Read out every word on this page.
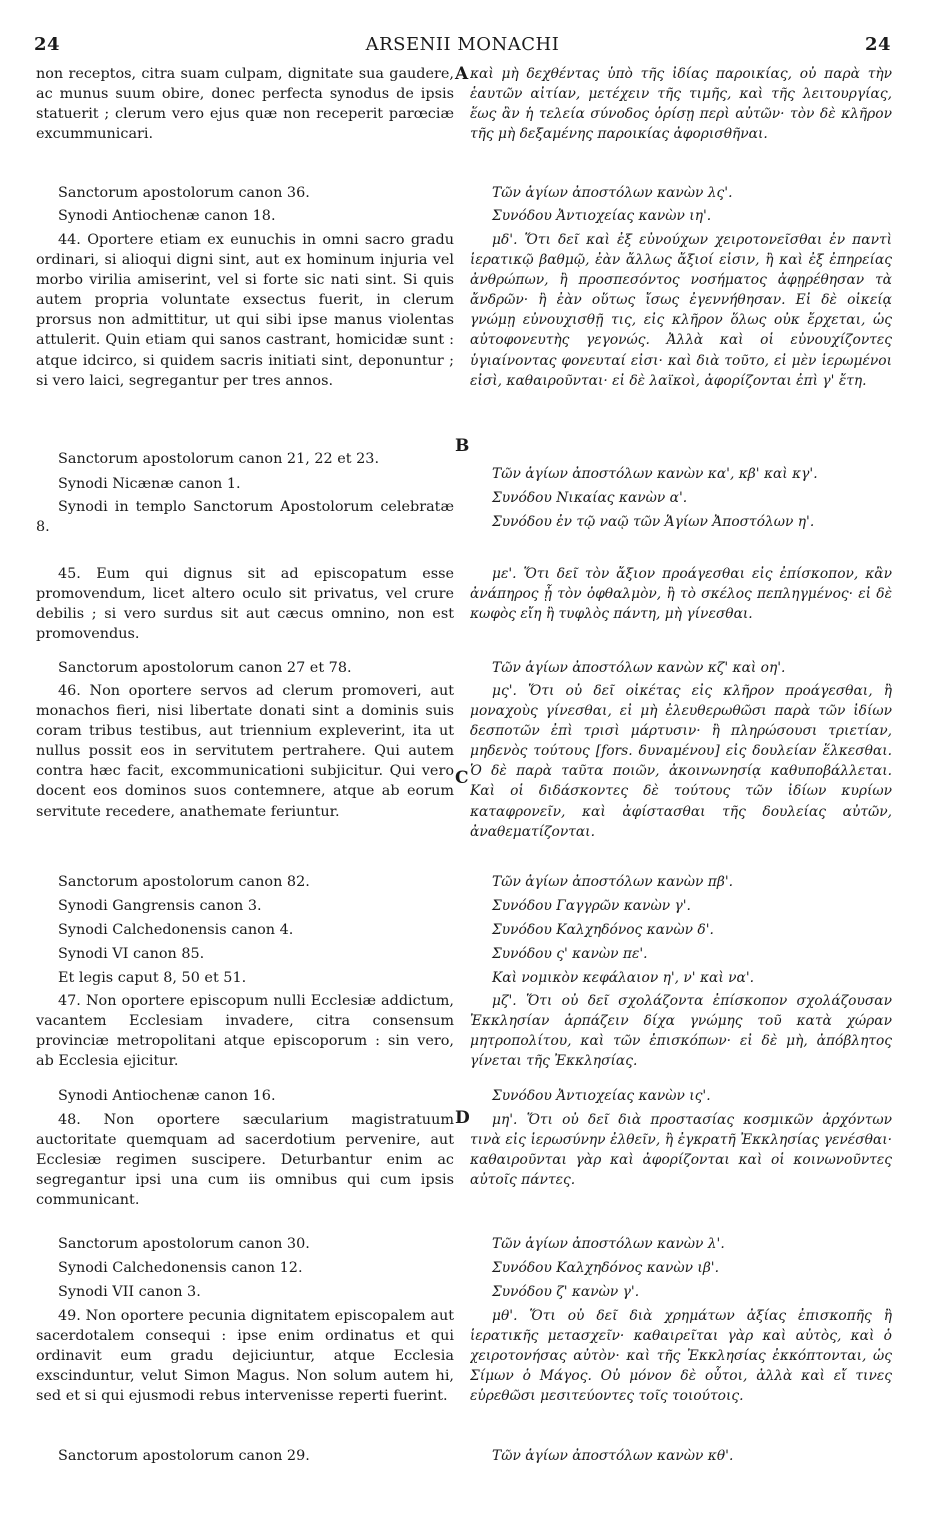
24	ARSENII MONACHI	24
A
B
C
D

non receptos, citra suam culpam, dignitate sua gaudere, ac munus suum obire, donec perfecta synodus de ipsis statuerit ; clerum vero ejus quæ non receperit parœciæ excummunicari.

Sanctorum apostolorum canon 36.

Synodi Antiochenæ canon 18.

44. Oportere etiam ex eunuchis in omni sacro gradu ordinari, si alioqui digni sint, aut ex hominum injuria vel morbo virilia amiserint, vel si forte sic nati sint. Si quis autem propria voluntate exsectus fuerit, in clerum prorsus non admittitur, ut qui sibi ipse manus violentas attulerit. Quin etiam qui sanos castrant, homicidæ sunt : atque idcirco, si quidem sacris initiati sint, deponuntur ; si vero laici, segregantur per tres annos.

Sanctorum apostolorum canon 21, 22 et 23.

Synodi Nicænæ canon 1.

Synodi in templo Sanctorum Apostolorum celebratæ 8.

45. Eum qui dignus sit ad episcopatum esse promovendum, licet altero oculo sit privatus, vel crure debilis ; si vero surdus sit aut cæcus omnino, non est promovendus.

Sanctorum apostolorum canon 27 et 78.

46. Non oportere servos ad clerum promoveri, aut monachos fieri, nisi libertate donati sint a dominis suis coram tribus testibus, aut triennium expleverint, ita ut nullus possit eos in servitutem pertrahere. Qui autem contra hæc facit, excommunicationi subjicitur. Qui vero docent eos dominos suos contemnere, atque ab eorum servitute recedere, anathemate feriuntur.

Sanctorum apostolorum canon 82.

Synodi Gangrensis canon 3.

Synodi Calchedonensis canon 4.

Synodi VI canon 85.

Et legis caput 8, 50 et 51.

47. Non oportere episcopum nulli Ecclesiæ addictum, vacantem Ecclesiam invadere, citra consensum provinciæ metropolitani atque episcoporum : sin vero, ab Ecclesia ejicitur.

Synodi Antiochenæ canon 16.

48. Non oportere sæcularium magistratuum auctoritate quemquam ad sacerdotium pervenire, aut Ecclesiæ regimen suscipere. Deturbantur enim ac segregantur ipsi una cum iis omnibus qui cum ipsis communicant.

Sanctorum apostolorum canon 30.

Synodi Calchedonensis canon 12.

Synodi VII canon 3.

49. Non oportere pecunia dignitatem episcopalem aut sacerdotalem consequi : ipse enim ordinatus et qui ordinavit eum gradu dejiciuntur, atque Ecclesia exscinduntur, velut Simon Magus. Non solum autem hi, sed et si qui ejusmodi rebus intervenisse reperti fuerint.

Sanctorum apostolorum canon 29.

καὶ μὴ δεχθέντας ὑπὸ τῆς ἰδίας παροικίας, οὐ παρὰ τὴν ἑαυτῶν αἰτίαν, μετέχειν τῆς τιμῆς, καὶ τῆς λειτουργίας, ἕως ἂν ἡ τελεία σύνοδος ὁρίσῃ περὶ αὐτῶν· τὸν δὲ κλῆρον τῆς μὴ δεξαμένης παροικίας ἀφορισθῆναι.

Τῶν ἁγίων ἀποστόλων κανὼν λς'.

Συνόδου Ἀντιοχείας κανὼν ιη'.

μδ'. Ὅτι δεῖ καὶ ἐξ εὐνούχων χειροτονεῖσθαι ἐν παντὶ ἱερατικῷ βαθμῷ, ἐὰν ἄλλως ἄξιοί εἰσιν, ἢ καὶ ἐξ ἐπηρείας ἀνθρώπων, ἢ προσπεσόντος νοσήματος ἀφῃρέθησαν τὰ ἄνδρῶν· ἢ ἐὰν οὕτως ἴσως ἐγεννήθησαν. Εἰ δὲ οἰκείᾳ γνώμῃ εὐνουχισθῇ τις, εἰς κλῆρον ὅλως οὐκ ἔρχεται, ὡς αὐτοφονευτὴς γεγονώς. Ἀλλὰ καὶ οἱ εὐνουχίζοντες ὑγιαίνοντας φονευταί εἰσι· καὶ διὰ τοῦτο, εἰ μὲν ἱερωμένοι εἰσὶ, καθαιροῦνται· εἰ δὲ λαϊκοὶ, ἀφορίζονται ἐπὶ γ' ἔτη.

Τῶν ἁγίων ἀποστόλων κανὼν κα', κβ' καὶ κγ'.

Συνόδου Νικαίας κανὼν α'.

Συνόδου ἐν τῷ ναῷ τῶν Ἁγίων Ἀποστόλων η'.

με'. Ὅτι δεῖ τὸν ἄξιον προάγεσθαι εἰς ἐπίσκοπον, κἂν ἀνάπηρος ᾖ τὸν ὀφθαλμὸν, ἢ τὸ σκέλος πεπληγμένος· εἰ δὲ κωφὸς εἴη ἢ τυφλὸς πάντη, μὴ γίνεσθαι.

Τῶν ἁγίων ἀποστόλων κανὼν κζ' καὶ οη'.

μς'. Ὅτι οὐ δεῖ οἰκέτας εἰς κλῆρον προάγεσθαι, ἢ μοναχοὺς γίνεσθαι, εἰ μὴ ἐλευθερωθῶσι παρὰ τῶν ἰδίων δεσποτῶν ἐπὶ τρισὶ μάρτυσιν· ἢ πληρώσουσι τριετίαν, μηδενὸς τούτους [fors. δυναμένου] εἰς δουλείαν ἕλκεσθαι. Ὁ δὲ παρὰ ταῦτα ποιῶν, ἀκοινωνησίᾳ καθυποβάλλεται. Καὶ οἱ διδάσκοντες δὲ τούτους τῶν ἰδίων κυρίων καταφρονεῖν, καὶ ἀφίστασθαι τῆς δουλείας αὐτῶν, ἀναθεματίζονται.

Τῶν ἁγίων ἀποστόλων κανὼν πβ'.

Συνόδου Γαγγρῶν κανὼν γ'.

Συνόδου Καλχηδόνος κανὼν δ'.

Συνόδου ς' κανὼν πε'.

Καὶ νομικὸν κεφάλαιον η', ν' καὶ να'.

μζ'. Ὅτι οὐ δεῖ σχολάζοντα ἐπίσκοπον σχολάζουσαν Ἐκκλησίαν ἁρπάζειν δίχα γνώμης τοῦ κατὰ χώραν μητροπολίτου, καὶ τῶν ἐπισκόπων· εἰ δὲ μὴ, ἀπόβλητος γίνεται τῆς Ἐκκλησίας.

Συνόδου Ἀντιοχείας κανὼν ις'.

μη'. Ὅτι οὐ δεῖ διὰ προστασίας κοσμικῶν ἀρχόντων τινὰ εἰς ἱερωσύνην ἐλθεῖν, ἢ ἐγκρατῆ Ἐκκλησίας γενέσθαι· καθαιροῦνται γὰρ καὶ ἀφορίζονται καὶ οἱ κοινωνοῦντες αὐτοῖς πάντες.

Τῶν ἁγίων ἀποστόλων κανὼν λ'.

Συνόδου Καλχηδόνος κανὼν ιβ'.

Συνόδου ζ' κανὼν γ'.

μθ'. Ὅτι οὐ δεῖ διὰ χρημάτων ἀξίας ἐπισκοπῆς ἢ ἱερατικῆς μετασχεῖν· καθαιρεῖται γὰρ καὶ αὐτὸς, καὶ ὁ χειροτονήσας αὐτὸν· καὶ τῆς Ἐκκλησίας ἐκκόπτονται, ὡς Σίμων ὁ Μάγος. Οὐ μόνον δὲ οὗτοι, ἀλλὰ καὶ εἴ τινες εὑρεθῶσι μεσιτεύοντες τοῖς τοιούτοις.

Τῶν ἁγίων ἀποστόλων κανὼν κθ'.
